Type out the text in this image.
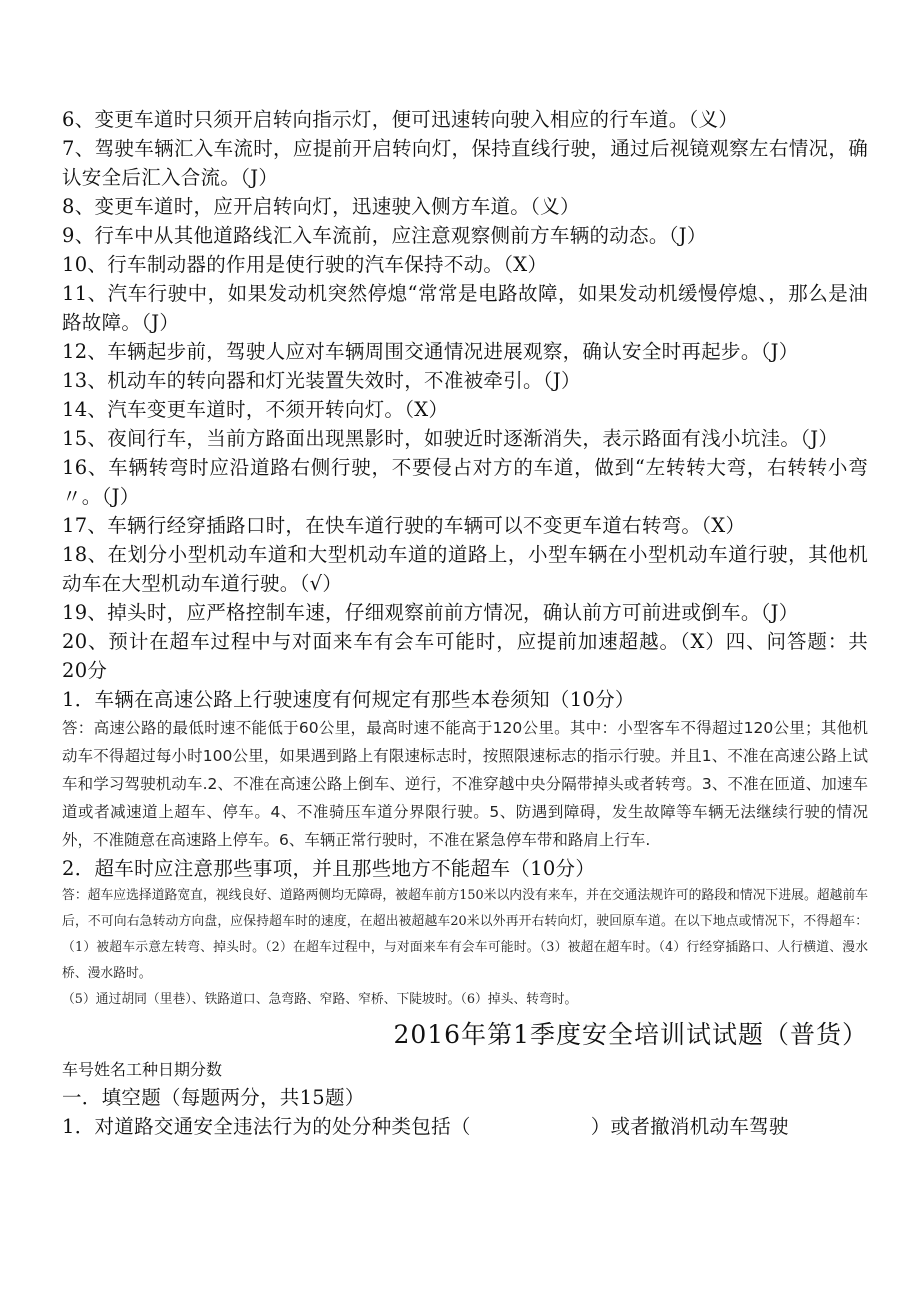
6、变更车道时只须开启转向指示灯，便可迅速转向驶入相应的行车道。（义）

7、驾驶车辆汇入车流时，应提前开启转向灯，保持直线行驶，通过后视镜观察左右情况，确认安全后汇入合流。（J）

8、变更车道时，应开启转向灯，迅速驶入侧方车道。（义）

9、行车中从其他道路线汇入车流前，应注意观察侧前方车辆的动态。（J）

10、行车制动器的作用是使行驶的汽车保持不动。（X）

11、汽车行驶中，如果发动机突然停熄“常常是电路故障，如果发动机缓慢停熄、，那么是油路故障。（J）

12、车辆起步前，驾驶人应对车辆周围交通情况进展观察，确认安全时再起步。（J）

13、机动车的转向器和灯光装置失效时，不准被牵引。（J）

14、汽车变更车道时，不须开转向灯。（X）

15、夜间行车，当前方路面出现黑影时，如驶近时逐渐消失，表示路面有浅小坑洼。（J）

16、车辆转弯时应沿道路右侧行驶，不要侵占对方的车道，做到“左转转大弯，右转转小弯〃。（J）

17、车辆行经穿插路口时，在快车道行驶的车辆可以不变更车道右转弯。（X）

18、在划分小型机动车道和大型机动车道的道路上，小型车辆在小型机动车道行驶，其他机动车在大型机动车道行驶。（√）

19、掉头时，应严格控制车速，仔细观察前前方情况，确认前方可前进或倒车。（J）

20、预计在超车过程中与对面来车有会车可能时，应提前加速超越。（X）四、问答题：共20分

1．车辆在高速公路上行驶速度有何规定有那些本卷须知（10分）

答：高速公路的最低时速不能低于60公里，最高时速不能高于120公里。其中：小型客车不得超过120公里；其他机动车不得超过每小时100公里，如果遇到路上有限速标志时，按照限速标志的指示行驶。并且1、不准在高速公路上试车和学习驾驶机动车.2、不准在高速公路上倒车、逆行，不准穿越中央分隔带掉头或者转弯。3、不准在匝道、加速车道或者减速道上超车、停车。4、不准骑压车道分界限行驶。5、防遇到障碍，发生故障等车辆无法继续行驶的情况外，不准随意在高速路上停车。6、车辆正常行驶时，不准在紧急停车带和路肩上行车.

2．超车时应注意那些事项，并且那些地方不能超车（10分）

答：超车应选择道路宽直，视线良好、道路两侧均无障碍，被超车前方150米以内没有来车，并在交通法规许可的路段和情况下进展。超越前车后，不可向右急转动方向盘，应保持超车时的速度，在超出被超越车20米以外再开右转向灯，驶回原车道。在以下地点或情况下，不得超车：（1）被超车示意左转弯、掉头时。（2）在超车过程中，与对面来车有会车可能时。（3）被超在超车时。（4）行经穿插路口、人行横道、漫水桥、漫水路时。

（5）通过胡同（里巷）、铁路道口、急弯路、窄路、窄桥、下陡坡时。（6）掉头、转弯时。

2016年第1季度安全培训试试题（普货）

车号姓名工种日期分数

一．填空题（每题两分，共15题）

1．对道路交通安全违法行为的处分种类包括（	）或者撤消机动车驾驶
